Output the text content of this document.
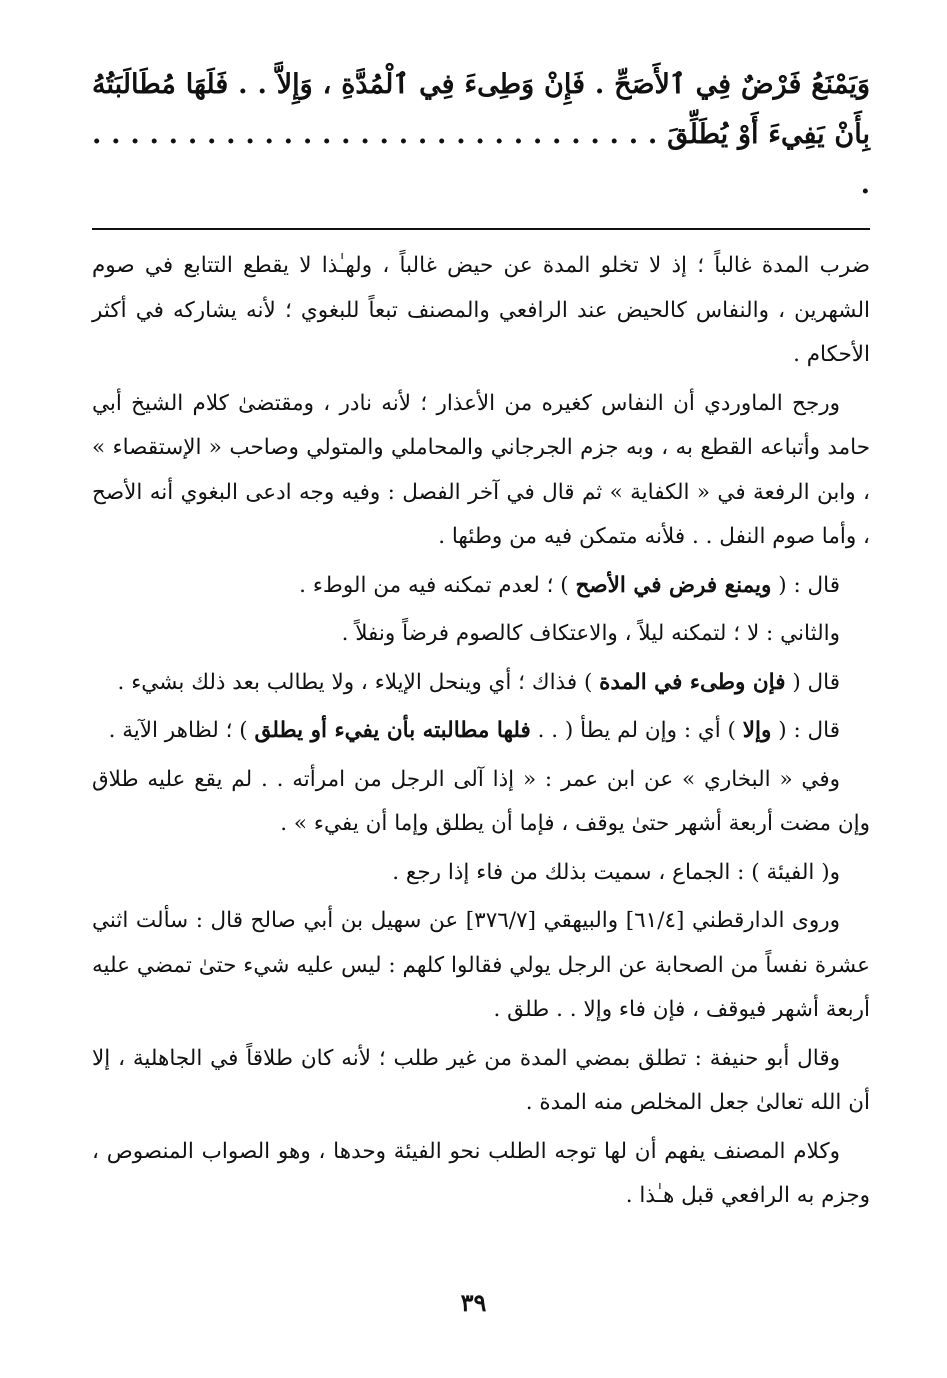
وَيَمْنَعُ فَرْضٌ فِي ٱلأَصَحِّ . فَإِنْ وَطِىءَ فِي ٱلْمُدَّةِ ، وَإِلاَّ . . فَلَهَا مُطَالَبَتُهُ بِأَنْ يَفِيءَ أَوْ يُطَلِّقَ . . . . . . . . . . . . . . . . . . . . . . . . . . . . . . .

ضرب المدة غالباً ؛ إذ لا تخلو المدة عن حيض غالباً ، ولهـٰذا لا يقطع التتابع في صوم الشهرين ، والنفاس كالحيض عند الرافعي والمصنف تبعاً للبغوي ؛ لأنه يشاركه في أكثر الأحكام .

ورجح الماوردي أن النفاس كغيره من الأعذار ؛ لأنه نادر ، ومقتضىٰ كلام الشيخ أبي حامد وأتباعه القطع به ، وبه جزم الجرجاني والمحاملي والمتولي وصاحب « الإستقصاء » ، وابن الرفعة في « الكفاية » ثم قال في آخر الفصل : وفيه وجه ادعى البغوي أنه الأصح ، وأما صوم النفل . . فلأنه متمكن فيه من وطئها .

قال : ( ويمنع فرض في الأصح ) ؛ لعدم تمكنه فيه من الوطء .

والثاني : لا ؛ لتمكنه ليلاً ، والاعتكاف كالصوم فرضاً ونفلاً .

قال ( فإن وطىء في المدة ) فذاك ؛ أي وينحل الإيلاء ، ولا يطالب بعد ذلك بشيء .

قال : ( وإلا ) أي : وإن لم يطأ ( . . فلها مطالبته بأن يفيء أو يطلق ) ؛ لظاهر الآية .

وفي « البخاري » عن ابن عمر : « إذا آلى الرجل من امرأته . . لم يقع عليه طلاق وإن مضت أربعة أشهر حتىٰ يوقف ، فإما أن يطلق وإما أن يفيء » .

و( الفيئة ) : الجماع ، سميت بذلك من فاء إذا رجع .

وروى الدارقطني [٦١/٤] والبيهقي [٣٧٦/٧] عن سهيل بن أبي صالح قال : سألت اثني عشرة نفساً من الصحابة عن الرجل يولي فقالوا كلهم : ليس عليه شيء حتىٰ تمضي عليه أربعة أشهر فيوقف ، فإن فاء وإلا . . طلق .

وقال أبو حنيفة : تطلق بمضي المدة من غير طلب ؛ لأنه كان طلاقاً في الجاهلية ، إلا أن الله تعالىٰ جعل المخلص منه المدة .

وكلام المصنف يفهم أن لها توجه الطلب نحو الفيئة وحدها ، وهو الصواب المنصوص ، وجزم به الرافعي قبل هـٰذا .

٣٩
